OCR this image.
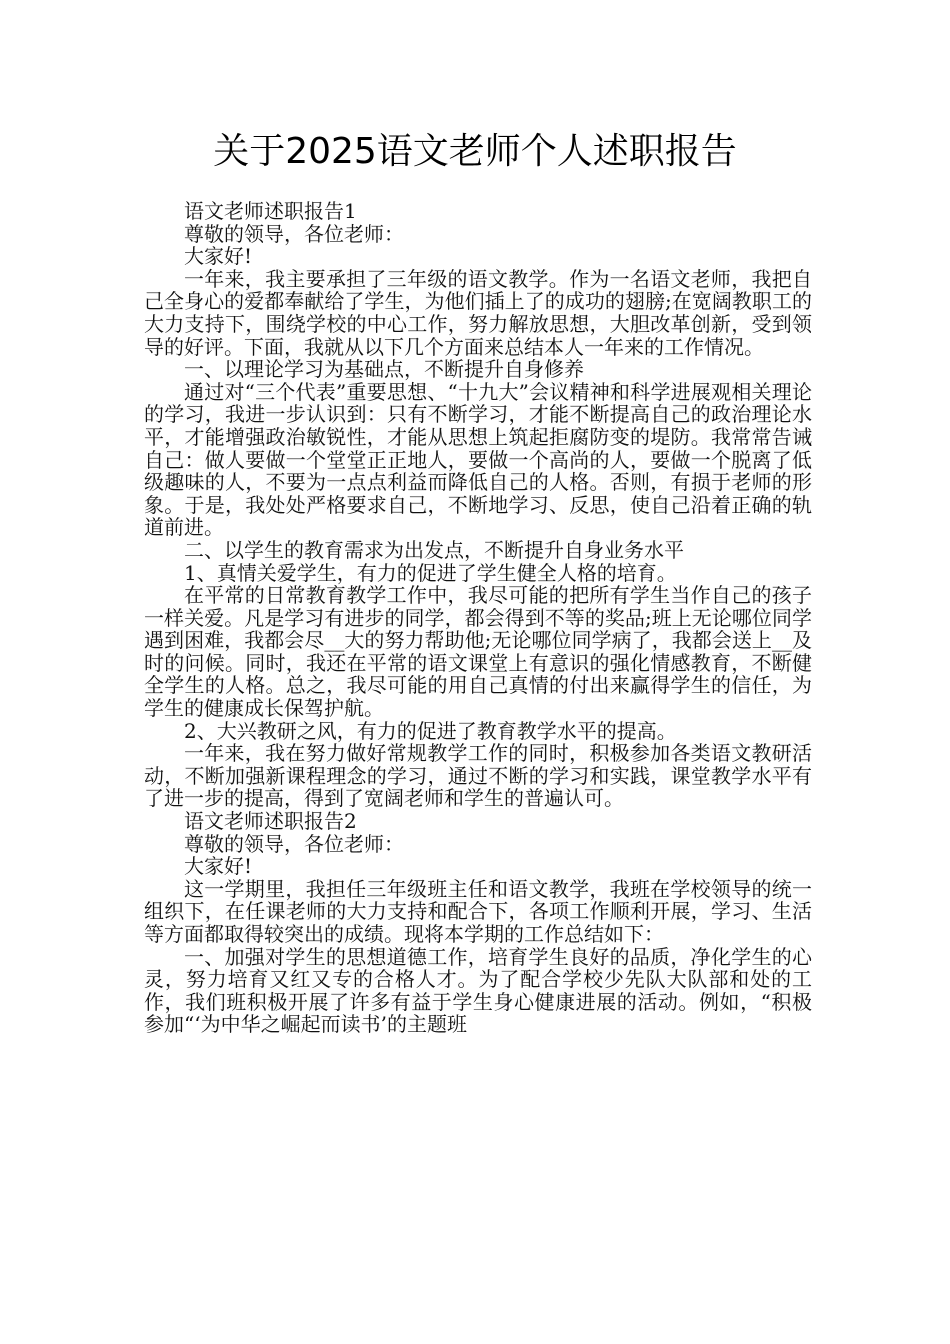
关于2025语文老师个人述职报告

语文老师述职报告1

尊敬的领导，各位老师：

大家好!

一年来，我主要承担了三年级的语文教学。作为一名语文老师，我把自己全身心的爱都奉献给了学生，为他们插上了的成功的翅膀;在宽阔教职工的大力支持下，围绕学校的中心工作，努力解放思想，大胆改革创新，受到领导的好评。下面，我就从以下几个方面来总结本人一年来的工作情况。

一、以理论学习为基础点，不断提升自身修养

通过对“三个代表”重要思想、“十九大”会议精神和科学进展观相关理论的学习，我进一步认识到：只有不断学习，才能不断提高自己的政治理论水平，才能增强政治敏锐性，才能从思想上筑起拒腐防变的堤防。我常常告诫自己：做人要做一个堂堂正正地人，要做一个高尚的人，要做一个脱离了低级趣味的人，不要为一点点利益而降低自己的人格。否则，有损于老师的形象。于是，我处处严格要求自己，不断地学习、反思，使自己沿着正确的轨道前进。

二、以学生的教育需求为出发点，不断提升自身业务水平

1、真情关爱学生，有力的促进了学生健全人格的培育。

在平常的日常教育教学工作中，我尽可能的把所有学生当作自己的孩子一样关爱。凡是学习有进步的同学，都会得到不等的奖品;班上无论哪位同学遇到困难，我都会尽__大的努力帮助他;无论哪位同学病了，我都会送上__及时的问候。同时，我还在平常的语文课堂上有意识的强化情感教育，不断健全学生的人格。总之，我尽可能的用自己真情的付出来赢得学生的信任，为学生的健康成长保驾护航。

2、大兴教研之风，有力的促进了教育教学水平的提高。

一年来，我在努力做好常规教学工作的同时，积极参加各类语文教研活动，不断加强新课程理念的学习，通过不断的学习和实践，课堂教学水平有了进一步的提高，得到了宽阔老师和学生的普遍认可。

语文老师述职报告2

尊敬的领导，各位老师：

大家好!

这一学期里，我担任三年级班主任和语文教学，我班在学校领导的统一组织下，在任课老师的大力支持和配合下，各项工作顺利开展，学习、生活等方面都取得较突出的成绩。现将本学期的工作总结如下：

一、加强对学生的思想道德工作，培育学生良好的品质，净化学生的心灵，努力培育又红又专的合格人才。为了配合学校少先队大队部和处的工作，我们班积极开展了许多有益于学生身心健康进展的活动。例如，“积极参加“‘为中华之崛起而读书’的主题班
